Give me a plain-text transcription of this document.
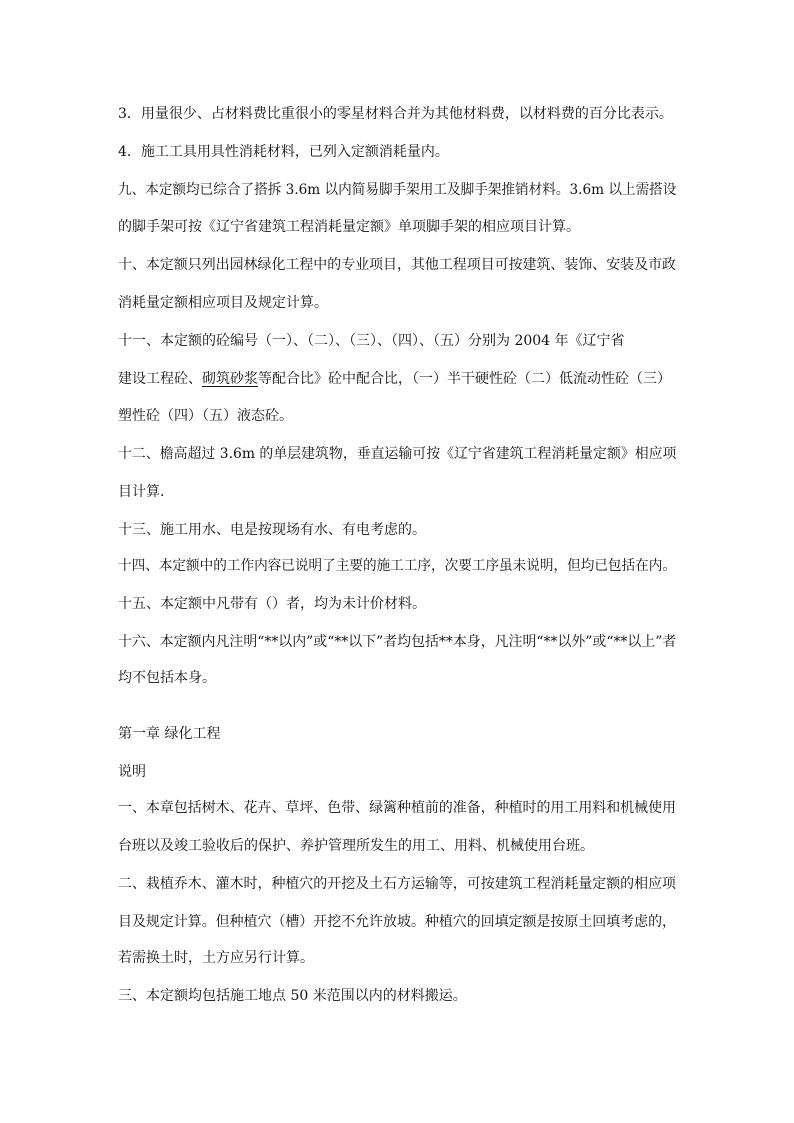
3．用量很少、占材料费比重很小的零星材料合并为其他材料费，以材料费的百分比表示。
4．施工工具用具性消耗材料，已列入定额消耗量内。
九、本定额均已综合了搭拆 3.6m 以内简易脚手架用工及脚手架推销材料。3.6m 以上需搭设
的脚手架可按《辽宁省建筑工程消耗量定额》单项脚手架的相应项目计算。
十、本定额只列出园林绿化工程中的专业项目，其他工程项目可按建筑、装饰、安装及市政
消耗量定额相应项目及规定计算。
十一、本定额的砼编号（一）、（二）、（三）、（四）、（五）分别为 2004 年《辽宁省
建设工程砼、砌筑砂浆等配合比》砼中配合比，（一）半干硬性砼（二）低流动性砼（三）
塑性砼（四）（五）液态砼。
十二、檐高超过 3.6m 的单层建筑物，垂直运输可按《辽宁省建筑工程消耗量定额》相应项
目计算.
十三、施工用水、电是按现场有水、有电考虑的。
十四、本定额中的工作内容已说明了主要的施工工序，次要工序虽未说明，但均已包括在内。
十五、本定额中凡带有（）者，均为未计价材料。
十六、本定额内凡注明“**以内”或“**以下”者均包括**本身，凡注明“**以外”或“**以上”者
均不包括本身。
第一章 绿化工程
说明
一、本章包括树木、花卉、草坪、色带、绿篱种植前的准备，种植时的用工用料和机械使用
台班以及竣工验收后的保护、养护管理所发生的用工、用料、机械使用台班。
二、栽植乔木、灌木时，种植穴的开挖及土石方运输等，可按建筑工程消耗量定额的相应项
目及规定计算。但种植穴（槽）开挖不允许放坡。种植穴的回填定额是按原土回填考虑的，
若需换土时，土方应另行计算。
三、本定额均包括施工地点 50 米范围以内的材料搬运。
